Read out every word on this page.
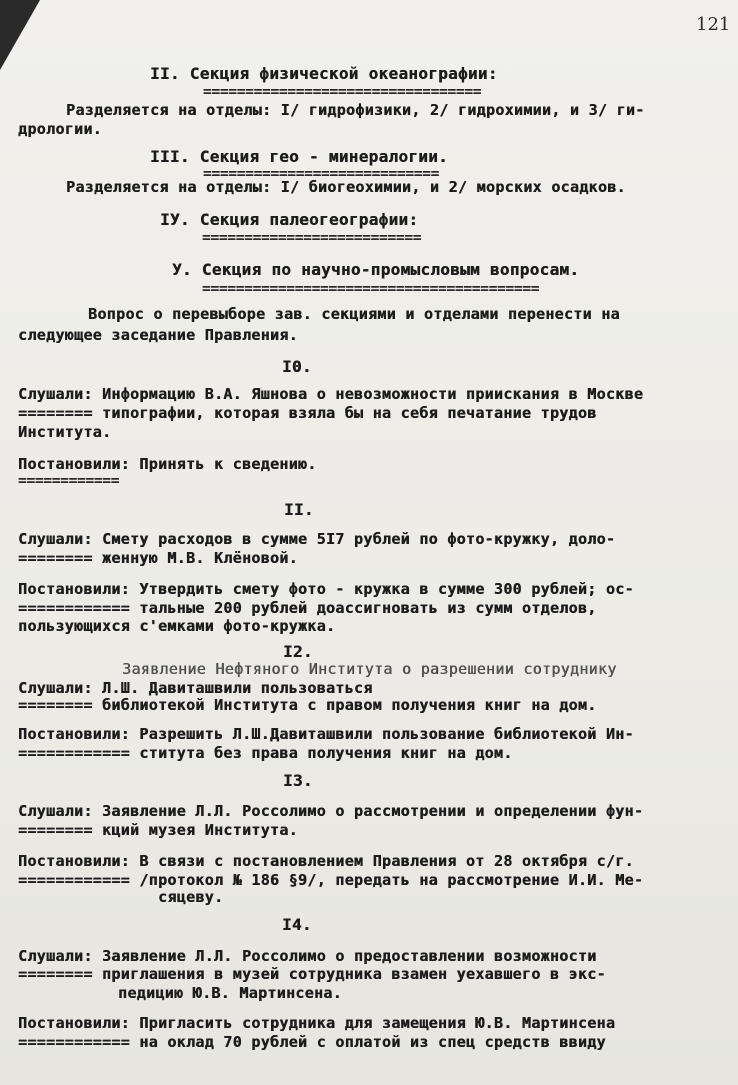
121
II. Секция физической океанографии:
=================================
Разделяется на отделы: I/ гидрофизики, 2/ гидрохимии, и 3/ ги-
дрологии.
III. Секция гео - минералогии.
============================
Разделяется на отделы: I/ биогеохимии, и 2/ морских осадков.
IУ. Секция палеогеографии:
==========================
У. Секция по научно-промысловым вопросам.
========================================
Вопрос о перевыборе зав. секциями и отделами перенести на
следующее заседание Правления.
I0.
Слушали: Информацию В.А. Яшнова о невозможности приискания в Москве
======== типографии, которая взяла бы на себя печатание трудов
Института.
Постановили: Принять к сведению.
============
II.
Слушали: Смету расходов в сумме 5I7 рублей по фото-кружку, доло-
======== женную М.В. Клёновой.
Постановили: Утвердить смету фото - кружка в сумме 300 рублей; ос-
============ тальные 200 рублей доассигновать из сумм отделов,
пользующихся с'емками фото-кружка.
I2.
Заявление Нефтяного Института о разрешении сотруднику
Слушали: Л.Ш. Давиташвили пользоваться
======== библиотекой Института с правом получения книг на дом.
Постановили: Разрешить Л.Ш.Давиташвили пользование библиотекой Ин-
============ ститута без права получения книг на дом.
I3.
Слушали: Заявление Л.Л. Россолимо о рассмотрении и определении фун-
======== кций музея Института.
Постановили: В связи с постановлением Правления от 28 октября с/г.
============ /протокол № 186 §9/, передать на рассмотрение И.И. Ме-
сяцеву.
I4.
Слушали: Заявление Л.Л. Россолимо о предоставлении возможности
======== приглашения в музей сотрудника взамен уехавшего в экс-
педицию Ю.В. Мартинсена.
Постановили: Пригласить сотрудника для замещения Ю.В. Мартинсена
============ на оклад 70 рублей с оплатой из спец средств ввиду
